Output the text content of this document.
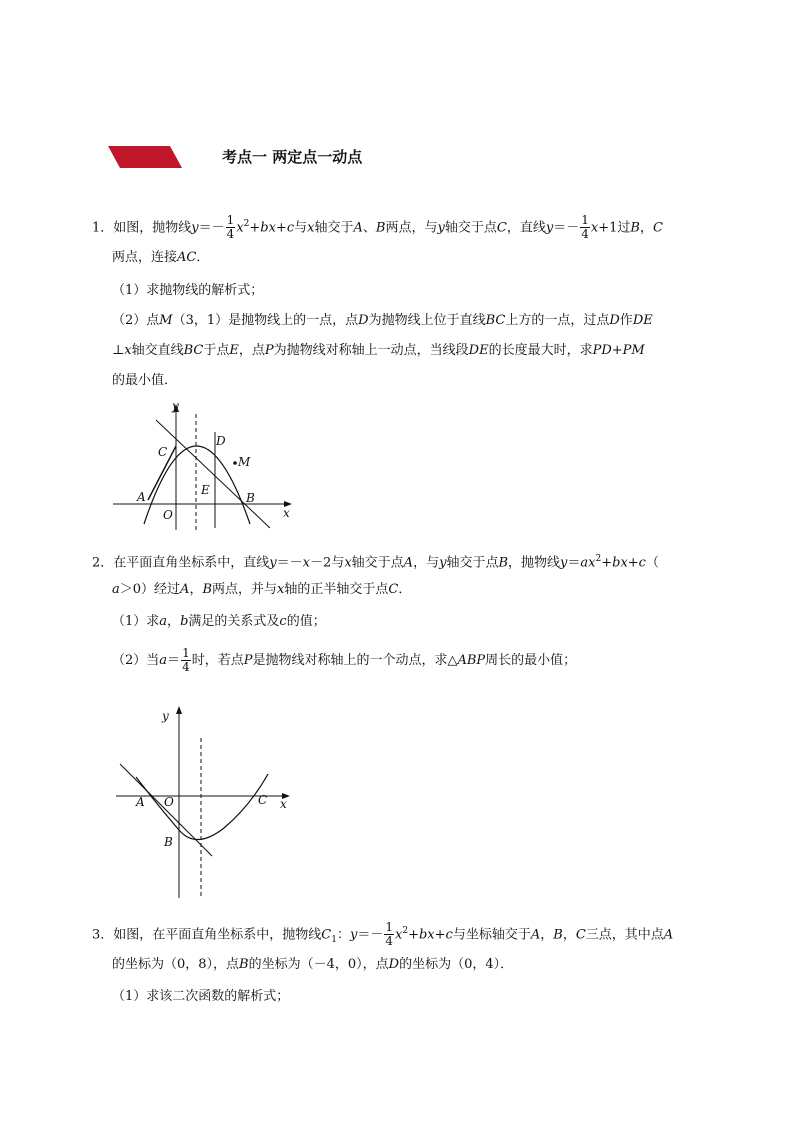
考点一 两定点一动点
1．如图，抛物线$y=- \frac{1}{4} x^2+bx+c$与x轴交于A、B两点，与y轴交于点C，直线$y=- \frac{1}{4} x+1$过B，C
两点，连接AC．
（1）求抛物线的解析式；
（2）点M（3，1）是抛物线上的一点，点D为抛物线上位于直线BC上方的一点，过点D作DE
⊥x轴交直线BC于点E，点P为抛物线对称轴上一动点，当线段DE的长度最大时，求PD+PM
的最小值．
y
C
D
M
E
A	B
O	x
2．在平面直角坐标系中，直线y＝－x－2与x轴交于点A，与y轴交于点B，抛物线$y=ax^2+bx+c$（
a＞0）经过A，B两点，并与x轴的正半轴交于点C．
（1）求a，b满足的关系式及c的值；
（2）当$a= \frac{1}{4}$ 时，若点P是抛物线对称轴上的一个动点，求△ABP周长的最小值；
y
A O	C x
B
3．如图，在平面直角坐标系中，抛物线$C_1$：$y=- \frac{1}{4} x^2+bx+c$与坐标轴交于A，B，C三点，其中点A
的坐标为（0，8），点B的坐标为（－4，0），点D的坐标为（0，4）．
（1）求该二次函数的解析式；
